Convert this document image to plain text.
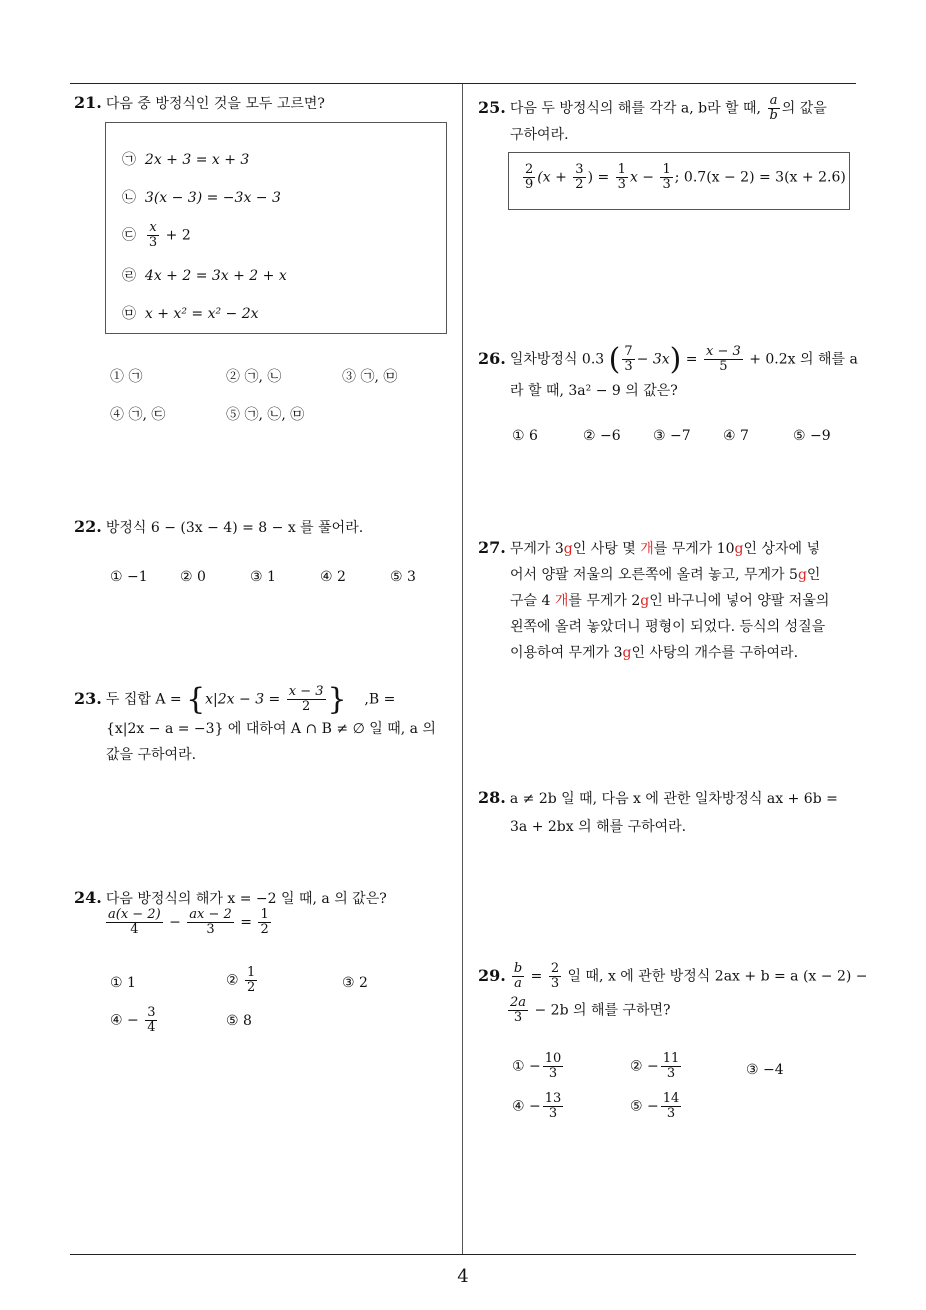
21. 다음 중 방정식인 것을 모두 고르면?
㉠ 2x + 3 = x + 3
㉡ 3(x − 3) = −3x − 3
㉢ $\frac{x}{3} + 2$
㉣ 4x + 2 = 3x + 2 + x
㉤ x + x² = x² − 2x
① ㉠	② ㉠, ㉡	③ ㉠, ㉤
④ ㉠, ㉢	⑤ ㉠, ㉡, ㉤
22. 방정식 6 − (3x − 4) = 8 − x 를 풀어라.
① −1 ② 0	③ 1	④ 2	⑤ 3
23. 두 집합 $A = \{x|2x - 3 = \frac{x - 3}{2}$ } ,B =
{x|2x − a = −3} 에 대하여 A ∩ B ≠ ∅ 일 때, a 의
값을 구하여라.
24. 다음 방정식의 해가 x = −2 일 때, a 의 값은?
$\frac{a(x - 2)}{4} - \frac{ax - 2}{3} = \frac{1}{2}$
① 1	② $\frac{1}{2}$	③ 2
④ − $\frac{3}{4}$	⑤ 8
25. 다음 두 방정식의 해를 각각 a, b라 할 때, $\frac{a}{b}$ 의 값을
구하여라.
$\frac{2}{9} (x + \frac{3}{2}$ ) = $\frac{1}{3}$ $x - \frac{1}{3}$ ; 0.7(x − 2) = 3(x + 2.6)
26. 일차방정식 0.3 ( $\frac{7}{3} - 3x) = \frac{x - 3}{5} + 0.2x$ 의 해를 a
라 할 때, 3a² − 9 의 값은?
① 6	② −6 ③ −7 ④ 7	⑤ −9
27. 무게가 3g인 사탕 몇 개를 무게가 10g인 상자에 넣
어서 양팔 저울의 오른쪽에 올려 놓고, 무게가 5g인
구슬 4 개를 무게가 2g인 바구니에 넣어 양팔 저울의
왼쪽에 올려 놓았더니 평형이 되었다. 등식의 성질을
이용하여 무게가 3g인 사탕의 개수를 구하여라.
28. a ≠ 2b 일 때, 다음 x 에 관한 일차방정식 ax + 6b =
3a + 2bx 의 해를 구하여라.
29. $\frac{b}{a} = \frac{2}{3}$ 일 때, x 에 관한 방정식 2ax + b = a (x − 2) −
$\frac{2a}{3} - 2b$ 의 해를 구하면?
① − $\frac{10}{3}$	② − $\frac{11}{3}$	③ −4
④ − $\frac{13}{3}$	⑤ − $\frac{14}{3}$
4
